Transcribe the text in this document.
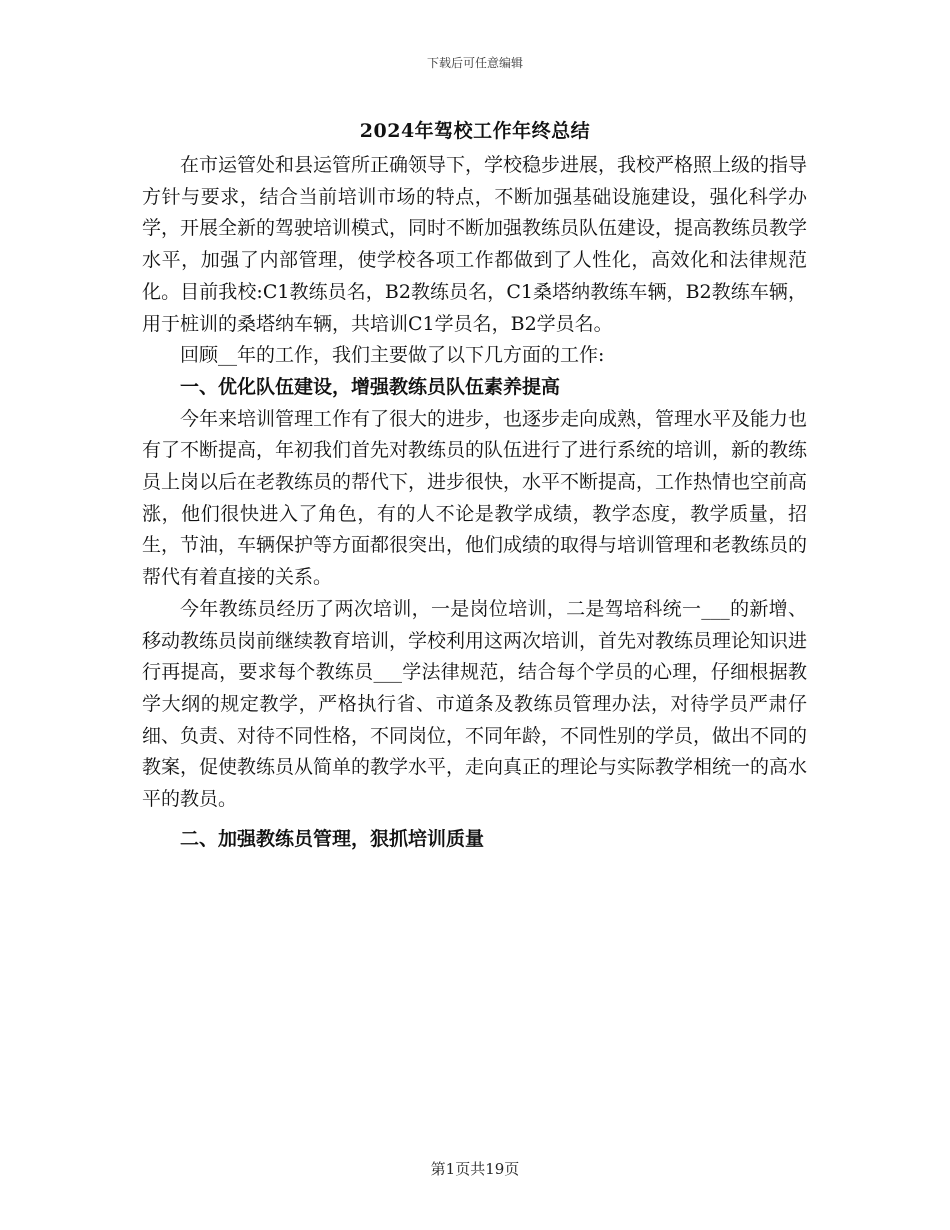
下载后可任意编辑
2024年驾校工作年终总结

在市运管处和县运管所正确领导下，学校稳步进展，我校严格照上级的指导方针与要求，结合当前培训市场的特点，不断加强基础设施建设，强化科学办学，开展全新的驾驶培训模式，同时不断加强教练员队伍建设，提高教练员教学水平，加强了内部管理，使学校各项工作都做到了人性化，高效化和法律规范化。目前我校:C1教练员名，B2教练员名，C1桑塔纳教练车辆，B2教练车辆，用于桩训的桑塔纳车辆，共培训C1学员名，B2学员名。

回顾__年的工作，我们主要做了以下几方面的工作:

一、优化队伍建设，增强教练员队伍素养提高

今年来培训管理工作有了很大的进步，也逐步走向成熟，管理水平及能力也有了不断提高，年初我们首先对教练员的队伍进行了进行系统的培训，新的教练员上岗以后在老教练员的帮代下，进步很快，水平不断提高，工作热情也空前高涨，他们很快进入了角色，有的人不论是教学成绩，教学态度，教学质量，招生，节油，车辆保护等方面都很突出，他们成绩的取得与培训管理和老教练员的帮代有着直接的关系。

今年教练员经历了两次培训，一是岗位培训，二是驾培科统一___的新增、移动教练员岗前继续教育培训，学校利用这两次培训，首先对教练员理论知识进行再提高，要求每个教练员___学法律规范，结合每个学员的心理，仔细根据教学大纲的规定教学，严格执行省、市道条及教练员管理办法，对待学员严肃仔细、负责、对待不同性格，不同岗位，不同年龄，不同性别的学员，做出不同的教案，促使教练员从简单的教学水平，走向真正的理论与实际教学相统一的高水平的教员。

二、加强教练员管理，狠抓培训质量

第1页共19页
